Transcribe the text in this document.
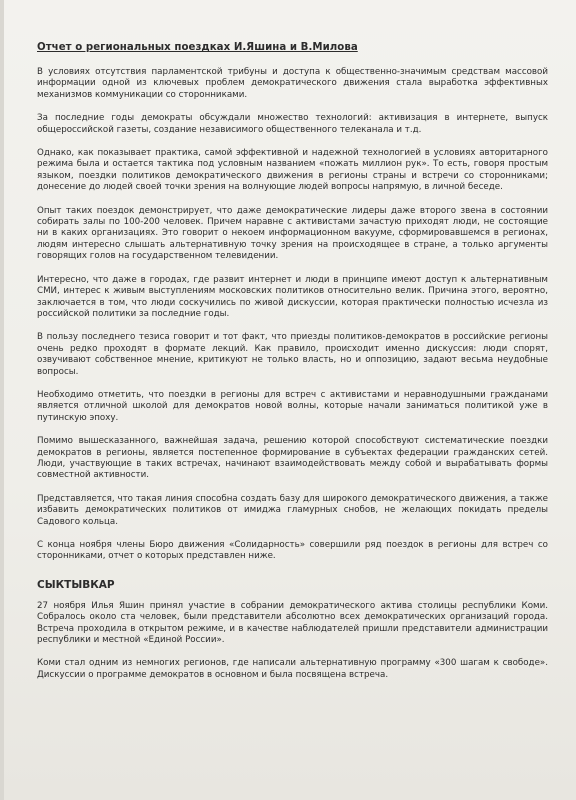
Отчет о региональных поездках И.Яшина и В.Милова

В условиях отсутствия парламентской трибуны и доступа к общественно-значимым средствам массовой информации одной из ключевых проблем демократического движения стала выработка эффективных механизмов коммуникации со сторонниками.

За последние годы демократы обсуждали множество технологий: активизация в интернете, выпуск общероссийской газеты, создание независимого общественного телеканала и т.д.

Однако, как показывает практика, самой эффективной и надежной технологией в условиях авторитарного режима была и остается тактика под условным названием «пожать миллион рук». То есть, говоря простым языком, поездки политиков демократического движения в регионы страны и встречи со сторонниками; донесение до людей своей точки зрения на волнующие людей вопросы напрямую, в личной беседе.

Опыт таких поездок демонстрирует, что даже демократические лидеры даже второго звена в состоянии собирать залы по 100-200 человек. Причем наравне с активистами зачастую приходят люди, не состоящие ни в каких организациях. Это говорит о некоем информационном вакууме, сформировавшемся в регионах, людям интересно слышать альтернативную точку зрения на происходящее в стране, а только аргументы говорящих голов на государственном телевидении.

Интересно, что даже в городах, где развит интернет и люди в принципе имеют доступ к альтернативным СМИ, интерес к живым выступлениям московских политиков относительно велик. Причина этого, вероятно, заключается в том, что люди соскучились по живой дискуссии, которая практически полностью исчезла из российской политики за последние годы.

В пользу последнего тезиса говорит и тот факт, что приезды политиков-демократов в российские регионы очень редко проходят в формате лекций. Как правило, происходит именно дискуссия: люди спорят, озвучивают собственное мнение, критикуют не только власть, но и оппозицию, задают весьма неудобные вопросы.

Необходимо отметить, что поездки в регионы для встреч с активистами и неравнодушными гражданами является отличной школой для демократов новой волны, которые начали заниматься политикой уже в путинскую эпоху.

Помимо вышесказанного, важнейшая задача, решению которой способствуют систематические поездки демократов в регионы, является постепенное формирование в субъектах федерации гражданских сетей. Люди, участвующие в таких встречах, начинают взаимодействовать между собой и вырабатывать формы совместной активности.

Представляется, что такая линия способна создать базу для широкого демократического движения, а также избавить демократических политиков от имиджа гламурных снобов, не желающих покидать пределы Садового кольца.

С конца ноября члены Бюро движения «Солидарность» совершили ряд поездок в регионы для встреч со сторонниками, отчет о которых представлен ниже.

СЫКТЫВКАР

27 ноября Илья Яшин принял участие в собрании демократического актива столицы республики Коми. Собралось около ста человек, были представители абсолютно всех демократических организаций города. Встреча проходила в открытом режиме, и в качестве наблюдателей пришли представители администрации республики и местной «Единой России».

Коми стал одним из немногих регионов, где написали альтернативную программу «300 шагам к свободе». Дискуссии о программе демократов в основном и была посвящена встреча.
